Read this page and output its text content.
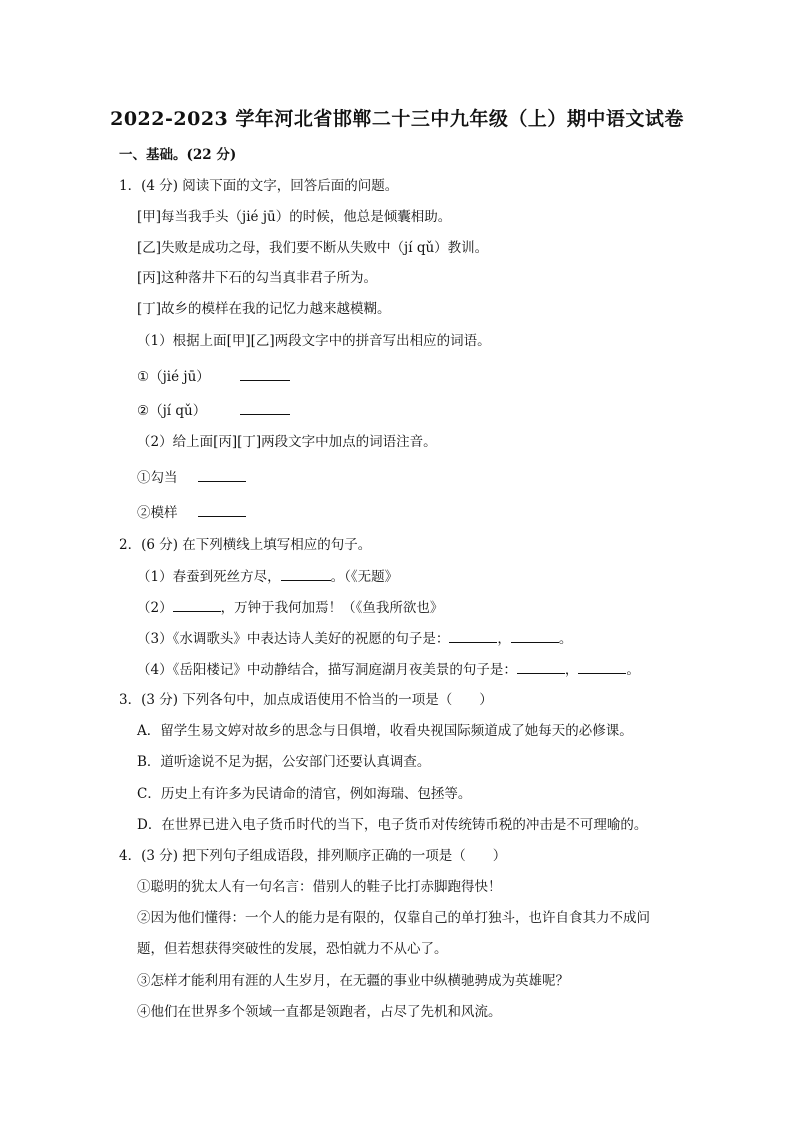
2022-2023 学年河北省邯郸二十三中九年级（上）期中语文试卷
一、基础。(22 分)
1．(4 分) 阅读下面的文字，回答后面的问题。
[甲]每当我手头（jié jū）的时候，他总是倾囊相助。
[乙]失败是成功之母，我们要不断从失败中（jí qǔ）教训。
[丙]这种落井下石的勾当真非君子所为。
[丁]故乡的模样在我的记忆力越来越模糊。
（1）根据上面[甲][乙]两段文字中的拼音写出相应的词语。
①（jié jū）
②（jí qǔ）
（2）给上面[丙][丁]两段文字中加点的词语注音。
①勾当
②模样
2．(6 分) 在下列横线上填写相应的句子。
（1）春蚕到死丝方尽，	。（《无题》
（2）	，万钟于我何加焉！（《鱼我所欲也》
（3）《水调歌头》中表达诗人美好的祝愿的句子是：	，	。
（4）《岳阳楼记》中动静结合，描写洞庭湖月夜美景的句子是：	，	。
3．(3 分) 下列各句中，加点成语使用不恰当的一项是（　　）
A．留学生易文婷对故乡的思念与日俱增，收看央视国际频道成了她每天的必修课。
B．道听途说不足为据，公安部门还要认真调查。
C．历史上有许多为民请命的清官，例如海瑞、包拯等。
D．在世界已进入电子货币时代的当下，电子货币对传统铸币税的冲击是不可理喻的。
4．(3 分) 把下列句子组成语段，排列顺序正确的一项是（　　）
①聪明的犹太人有一句名言：借别人的鞋子比打赤脚跑得快！
②因为他们懂得：一个人的能力是有限的，仅靠自己的单打独斗，也许自食其力不成问
题，但若想获得突破性的发展，恐怕就力不从心了。
③怎样才能利用有涯的人生岁月，在无疆的事业中纵横驰骋成为英雄呢？
④他们在世界多个领域一直都是领跑者，占尽了先机和风流。
